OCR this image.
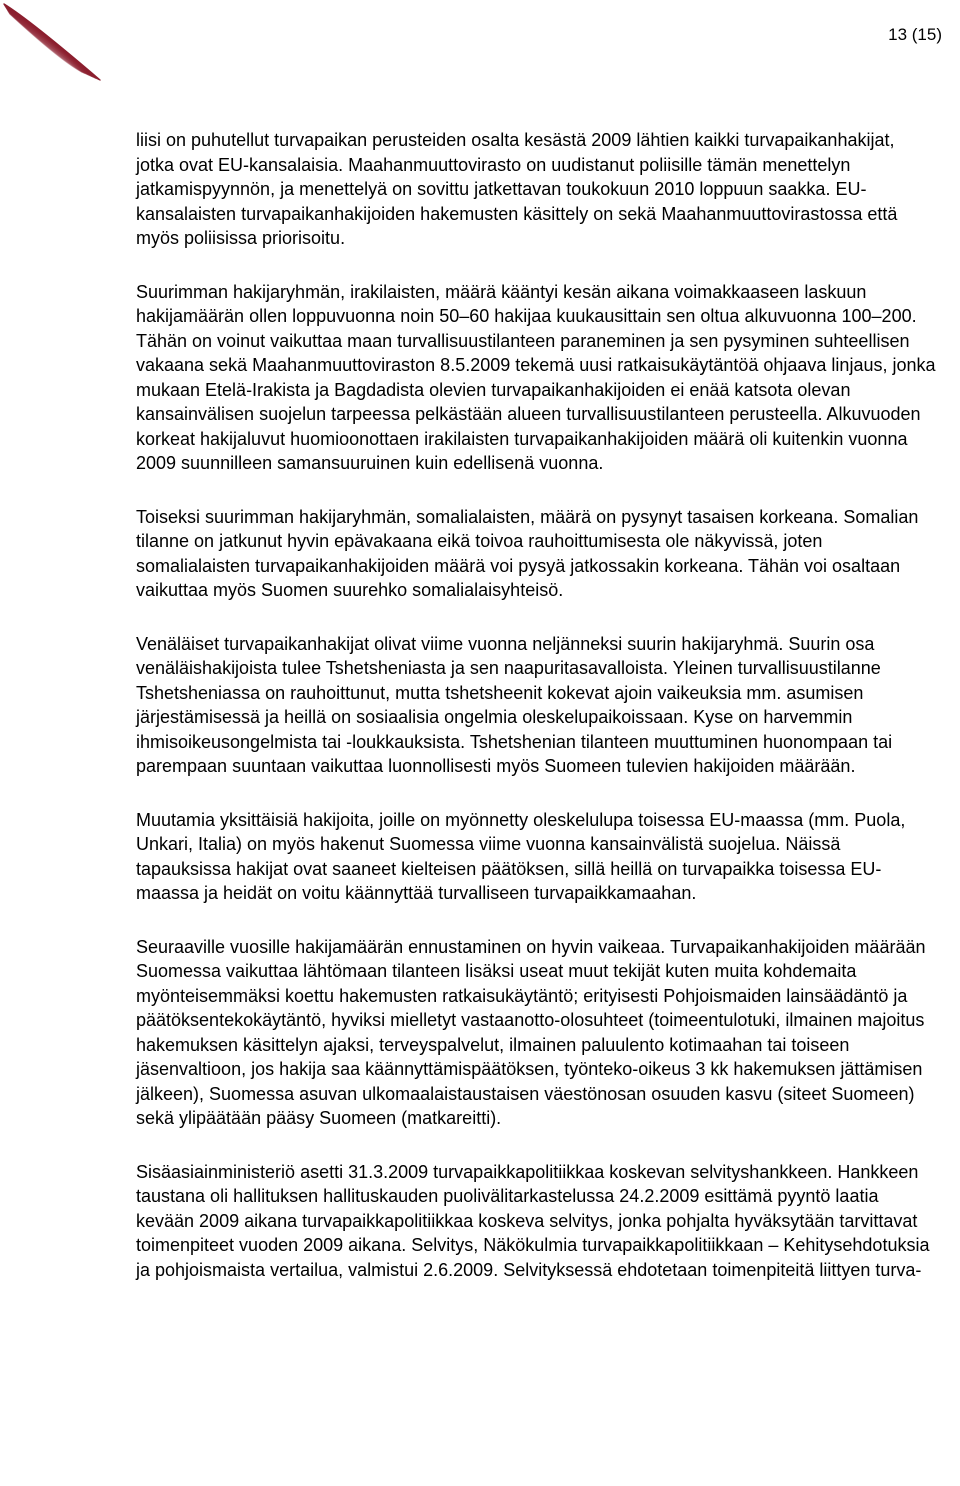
13 (15)

liisi on puhutellut turvapaikan perusteiden osalta kesästä 2009 lähtien kaikki turvapaikanhakijat, jotka ovat EU-kansalaisia. Maahanmuuttovirasto on uudistanut poliisille tämän menettelyn jatkamispyynnön, ja menettelyä on sovittu jatkettavan toukokuun 2010 loppuun saakka. EU-kansalaisten turvapaikanhakijoiden hakemusten käsittely on sekä Maahanmuuttovirastossa että myös poliisissa priorisoitu.

Suurimman hakijaryhmän, irakilaisten, määrä kääntyi kesän aikana voimakkaaseen laskuun hakijamäärän ollen loppuvuonna noin 50–60 hakijaa kuukausittain sen oltua alkuvuonna 100–200. Tähän on voinut vaikuttaa maan turvallisuustilanteen paraneminen ja sen pysyminen suhteellisen vakaana sekä Maahanmuuttoviraston 8.5.2009 tekemä uusi ratkaisukäytäntöä ohjaava linjaus, jonka mukaan Etelä-Irakista ja Bagdadista olevien turvapaikanhakijoiden ei enää katsota olevan kansainvälisen suojelun tarpeessa pelkästään alueen turvallisuustilanteen perusteella. Alkuvuoden korkeat hakijaluvut huomioonottaen irakilaisten turvapaikanhakijoiden määrä oli kuitenkin vuonna 2009 suunnilleen samansuuruinen kuin edellisenä vuonna.

Toiseksi suurimman hakijaryhmän, somalialaisten, määrä on pysynyt tasaisen korkeana. Somalian tilanne on jatkunut hyvin epävakaana eikä toivoa rauhoittumisesta ole näkyvissä, joten somalialaisten turvapaikanhakijoiden määrä voi pysyä jatkossakin korkeana. Tähän voi osaltaan vaikuttaa myös Suomen suurehko somalialaisyhteisö.

Venäläiset turvapaikanhakijat olivat viime vuonna neljänneksi suurin hakijaryhmä. Suurin osa venäläishakijoista tulee Tshetsheniasta ja sen naapuritasavalloista. Yleinen turvallisuustilanne Tshetsheniassa on rauhoittunut, mutta tshetsheenit kokevat ajoin vaikeuksia mm. asumisen järjestämisessä ja heillä on sosiaalisia ongelmia oleskelupaikoissaan. Kyse on harvemmin ihmisoikeusongelmista tai -loukkauksista. Tshetshenian tilanteen muuttuminen huonompaan tai parempaan suuntaan vaikuttaa luonnollisesti myös Suomeen tulevien hakijoiden määrään.

Muutamia yksittäisiä hakijoita, joille on myönnetty oleskelulupa toisessa EU-maassa (mm. Puola, Unkari, Italia) on myös hakenut Suomessa viime vuonna kansainvälistä suojelua. Näissä tapauksissa hakijat ovat saaneet kielteisen päätöksen, sillä heillä on turvapaikka toisessa EU-maassa ja heidät on voitu käännyttää turvalliseen turvapaikkamaahan.

Seuraaville vuosille hakijamäärän ennustaminen on hyvin vaikeaa. Turvapaikanhakijoiden määrään Suomessa vaikuttaa lähtömaan tilanteen lisäksi useat muut tekijät kuten muita kohdemaita myönteisemmäksi koettu hakemusten ratkaisukäytäntö; erityisesti Pohjoismaiden lainsäädäntö ja päätöksentekokäytäntö, hyviksi mielletyt vastaanotto-olosuhteet (toimeentulotuki, ilmainen majoitus hakemuksen käsittelyn ajaksi, terveyspalvelut, ilmainen paluulento kotimaahan tai toiseen jäsenvaltioon, jos hakija saa käännyttämispäätöksen, työnteko-oikeus 3 kk hakemuksen jättämisen jälkeen), Suomessa asuvan ulkomaalaistaustaisen väestönosan osuuden kasvu (siteet Suomeen) sekä ylipäätään pääsy Suomeen (matkareitti).

Sisäasiainministeriö asetti 31.3.2009 turvapaikkapolitiikkaa koskevan selvityshankkeen. Hankkeen taustana oli hallituksen hallituskauden puolivälitarkastelussa 24.2.2009 esittämä pyyntö laatia kevään 2009 aikana turvapaikkapolitiikkaa koskeva selvitys, jonka pohjalta hyväksytään tarvittavat toimenpiteet vuoden 2009 aikana. Selvitys, Näkökulmia turvapaikkapolitiikkaan – Kehitysehdotuksia ja pohjoismaista vertailua, valmistui 2.6.2009. Selvityksessä ehdotetaan toimenpiteitä liittyen turva-
